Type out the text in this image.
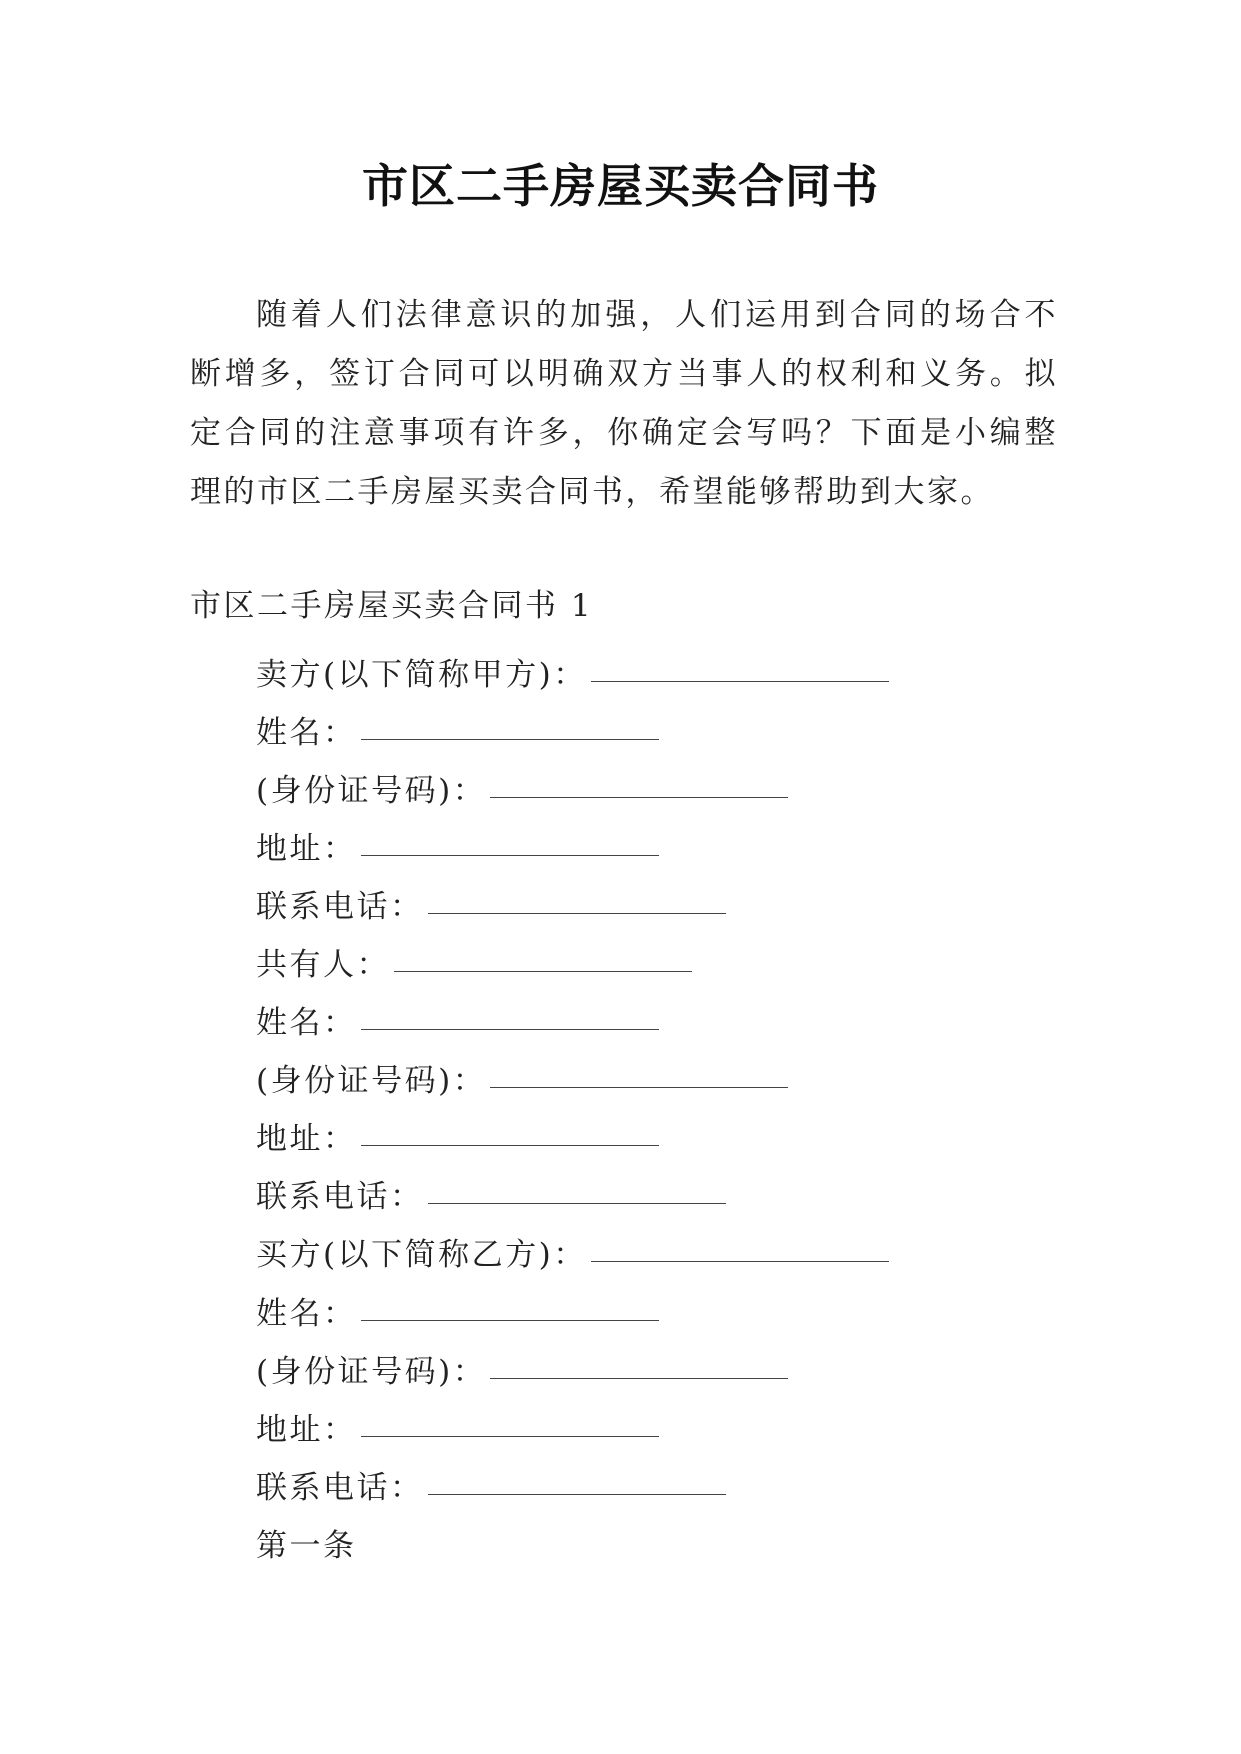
市区二手房屋买卖合同书

随着人们法律意识的加强，人们运用到合同的场合不断增多，签订合同可以明确双方当事人的权利和义务。拟定合同的注意事项有许多，你确定会写吗？下面是小编整理的市区二手房屋买卖合同书，希望能够帮助到大家。

市区二手房屋买卖合同书 1
卖方(以下简称甲方)：
姓名：
(身份证号码)：
地址：
联系电话：
共有人：
姓名：
(身份证号码)：
地址：
联系电话：
买方(以下简称乙方)：
姓名：
(身份证号码)：
地址：
联系电话：
第一条
